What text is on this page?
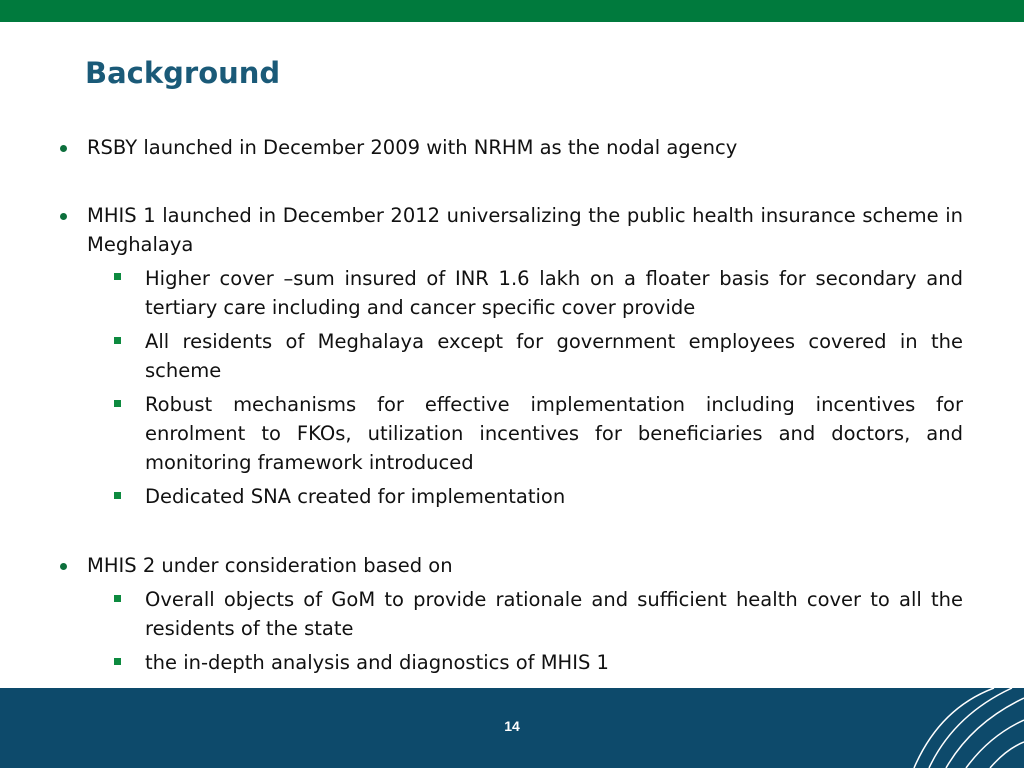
Background
RSBY launched in December 2009 with NRHM as the nodal agency
MHIS 1 launched in December 2012 universalizing the public health insurance scheme in Meghalaya
Higher cover –sum insured of INR 1.6 lakh on a floater basis for secondary and tertiary care including and cancer specific cover provide
All residents of Meghalaya except for government employees covered in the scheme
Robust mechanisms for effective implementation including incentives for enrolment to FKOs, utilization incentives for beneficiaries and doctors, and monitoring framework introduced
Dedicated SNA created for implementation
MHIS 2 under consideration based on
Overall objects of GoM to provide rationale and sufficient health cover to all the residents of the state
the in-depth analysis and diagnostics of MHIS 1
14
